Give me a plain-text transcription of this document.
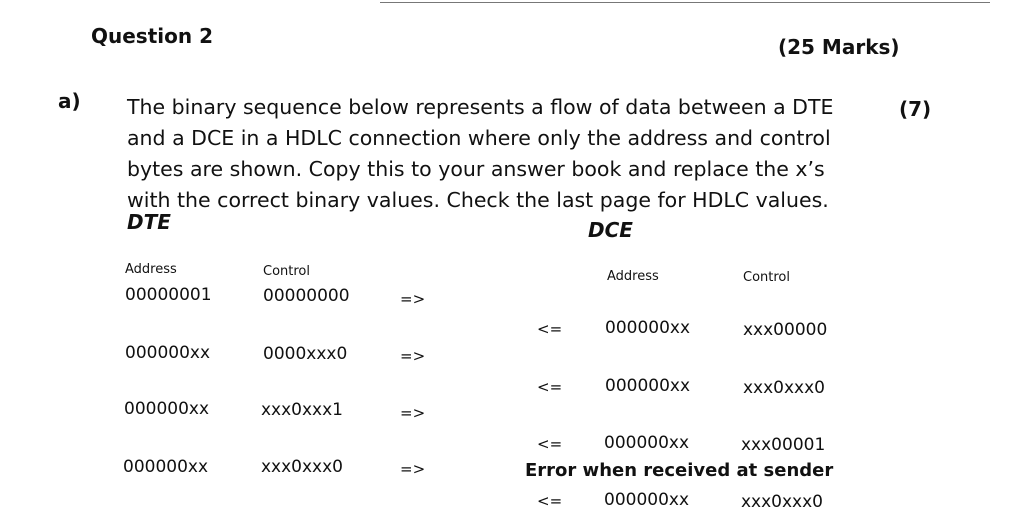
Question 2	(25 Marks)
a)	(7)
The binary sequence below represents a flow of data between a DTE
and a DCE in a HDLC connection where only the address and control
bytes are shown. Copy this to your answer book and replace the x’s
with the correct binary values. Check the last page for HDLC values.
DTE
Address	Control
00000001	00000000	=>
000000xx	0000xxx0	=>
000000xx	xxx0xxx1	=>
000000xx	xxx0xxx0	=>
DCE
Address	Control
<=	000000xx	xxx00000
<=	000000xx	xxx0xxx0
<= 000000xx	xxx00001
Error when received at sender
<= 000000xx	xxx0xxx0
